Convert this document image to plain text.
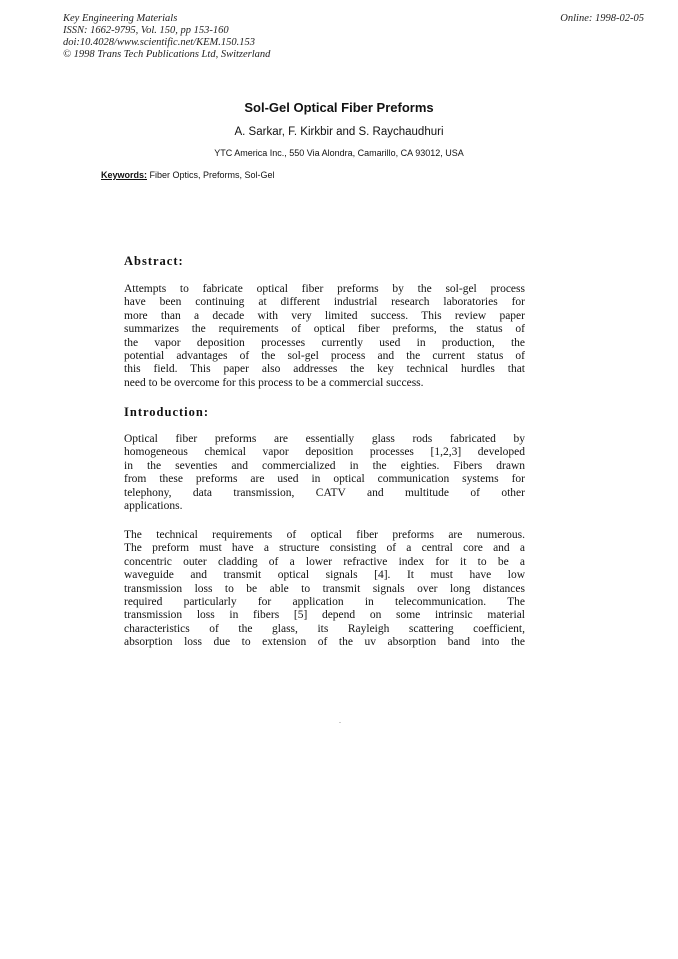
Key Engineering Materials
ISSN: 1662-9795, Vol. 150, pp 153-160
doi:10.4028/www.scientific.net/KEM.150.153
© 1998 Trans Tech Publications Ltd, Switzerland
Online: 1998-02-05
Sol-Gel Optical Fiber Preforms
A. Sarkar, F. Kirkbir and S. Raychaudhuri
YTC America Inc., 550 Via Alondra, Camarillo, CA 93012, USA
Keywords: Fiber Optics, Preforms, Sol-Gel
Abstract:
Attempts to fabricate optical fiber preforms by the sol-gel process
have been continuing at different industrial research laboratories for
more than a decade with very limited success. This review paper
summarizes the requirements of optical fiber preforms, the status of
the vapor deposition processes currently used in production, the
potential advantages of the sol-gel process and the current status of
this field. This paper also addresses the key technical hurdles that
need to be overcome for this process to be a commercial success.
Introduction:
Optical fiber preforms are essentially glass rods fabricated by
homogeneous chemical vapor deposition processes [1,2,3] developed
in the seventies and commercialized in the eighties. Fibers drawn
from these preforms are used in optical communication systems for
telephony, data transmission, CATV and multitude of other
applications.
The technical requirements of optical fiber preforms are numerous.
The preform must have a structure consisting of a central core and a
concentric outer cladding of a lower refractive index for it to be a
waveguide and transmit optical signals [4]. It must have low
transmission loss to be able to transmit signals over long distances
required particularly for application in telecommunication. The
transmission loss in fibers [5] depend on some intrinsic material
characteristics of the glass, its Rayleigh scattering coefficient,
absorption loss due to extension of the uv absorption band into the
